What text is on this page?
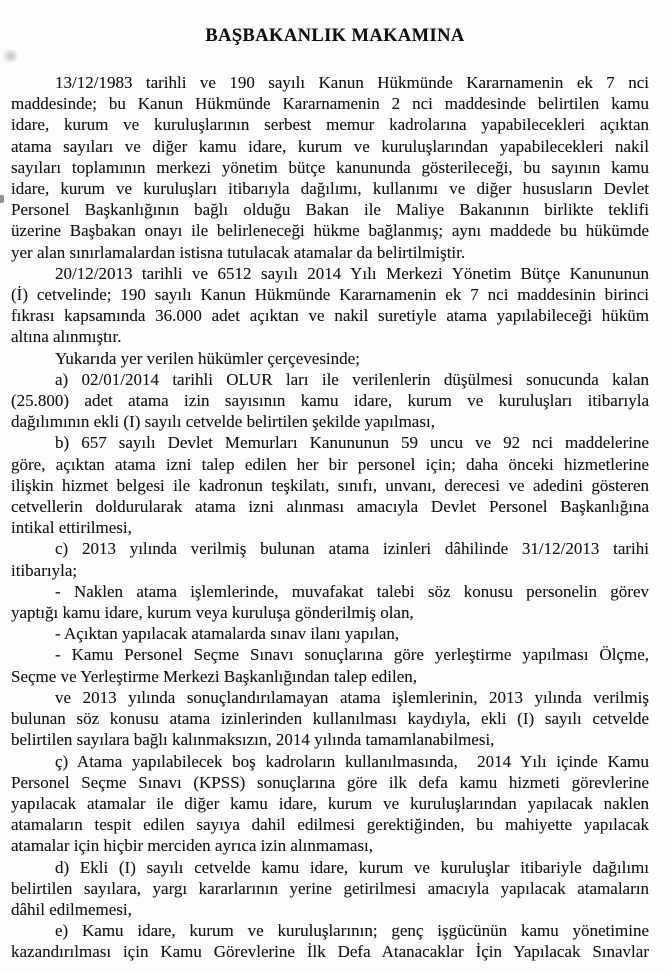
BAŞBAKANLIK MAKAMINA
13/12/1983 tarihli ve 190 sayılı Kanun Hükmünde Kararnamenin ek 7 nci
maddesinde; bu Kanun Hükmünde Kararnamenin 2 nci maddesinde belirtilen kamu
idare, kurum ve kuruluşlarının serbest memur kadrolarına yapabilecekleri açıktan
atama sayıları ve diğer kamu idare, kurum ve kuruluşlarından yapabilecekleri nakil
sayıları toplamının merkezi yönetim bütçe kanununda gösterileceği, bu sayının kamu
idare, kurum ve kuruluşları itibarıyla dağılımı, kullanımı ve diğer hususların Devlet
Personel Başkanlığının bağlı olduğu Bakan ile Maliye Bakanının birlikte teklifi
üzerine Başbakan onayı ile belirleneceği hükme bağlanmış; aynı maddede bu hükümde
yer alan sınırlamalardan istisna tutulacak atamalar da belirtilmiştir.
20/12/2013 tarihli ve 6512 sayılı 2014 Yılı Merkezi Yönetim Bütçe Kanununun
(İ) cetvelinde; 190 sayılı Kanun Hükmünde Kararnamenin ek 7 nci maddesinin birinci
fıkrası kapsamında 36.000 adet açıktan ve nakil suretiyle atama yapılabileceği hüküm
altına alınmıştır.
Yukarıda yer verilen hükümler çerçevesinde;
a) 02/01/2014 tarihli OLUR ları ile verilenlerin düşülmesi sonucunda kalan
(25.800) adet atama izin sayısının kamu idare, kurum ve kuruluşları itibarıyla
dağılımının ekli (I) sayılı cetvelde belirtilen şekilde yapılması,
b) 657 sayılı Devlet Memurları Kanununun 59 uncu ve 92 nci maddelerine
göre, açıktan atama izni talep edilen her bir personel için; daha önceki hizmetlerine
ilişkin hizmet belgesi ile kadronun teşkilatı, sınıfı, unvanı, derecesi ve adedini gösteren
cetvellerin doldurularak atama izni alınması amacıyla Devlet Personel Başkanlığına
intikal ettirilmesi,
c) 2013 yılında verilmiş bulunan atama izinleri dâhilinde 31/12/2013 tarihi
itibarıyla;
- Naklen atama işlemlerinde, muvafakat talebi söz konusu personelin görev
yaptığı kamu idare, kurum veya kuruluşa gönderilmiş olan,
- Açıktan yapılacak atamalarda sınav ilanı yapılan,
- Kamu Personel Seçme Sınavı sonuçlarına göre yerleştirme yapılması Ölçme,
Seçme ve Yerleştirme Merkezi Başkanlığından talep edilen,
ve 2013 yılında sonuçlandırılamayan atama işlemlerinin, 2013 yılında verilmiş
bulunan söz konusu atama izinlerinden kullanılması kaydıyla, ekli (I) sayılı cetvelde
belirtilen sayılara bağlı kalınmaksızın, 2014 yılında tamamlanabilmesi,
ç) Atama yapılabilecek boş kadroların kullanılmasında,  2014 Yılı içinde Kamu
Personel Seçme Sınavı (KPSS) sonuçlarına göre ilk defa kamu hizmeti görevlerine
yapılacak atamalar ile diğer kamu idare, kurum ve kuruluşlarından yapılacak naklen
atamaların tespit edilen sayıya dahil edilmesi gerektiğinden, bu mahiyette yapılacak
atamalar için hiçbir merciden ayrıca izin alınmaması,
d) Ekli (I) sayılı cetvelde kamu idare, kurum ve kuruluşlar itibariyle dağılımı
belirtilen sayılara, yargı kararlarının yerine getirilmesi amacıyla yapılacak atamaların
dâhil edilmemesi,
e) Kamu idare, kurum ve kuruluşlarının; genç işgücünün kamu yönetimine
kazandırılması için Kamu Görevlerine İlk Defa Atanacaklar İçin Yapılacak Sınavlar
